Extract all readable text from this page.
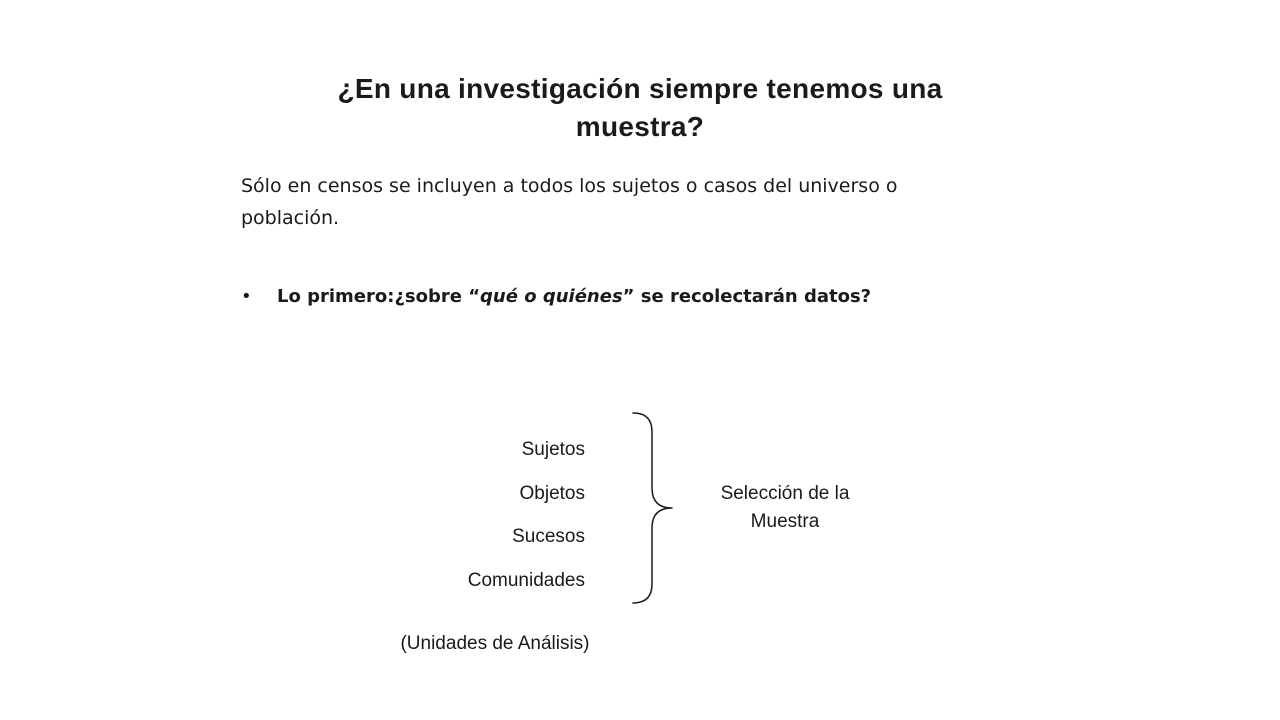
¿En una investigación siempre tenemos una muestra?
Sólo en censos se incluyen a todos los sujetos o casos del universo o población.
• Lo primero:¿sobre “qué o quiénes” se recolectarán datos?
Sujetos
Objetos
Sucesos
Comunidades
Selección de la
Muestra
(Unidades de Análisis)
